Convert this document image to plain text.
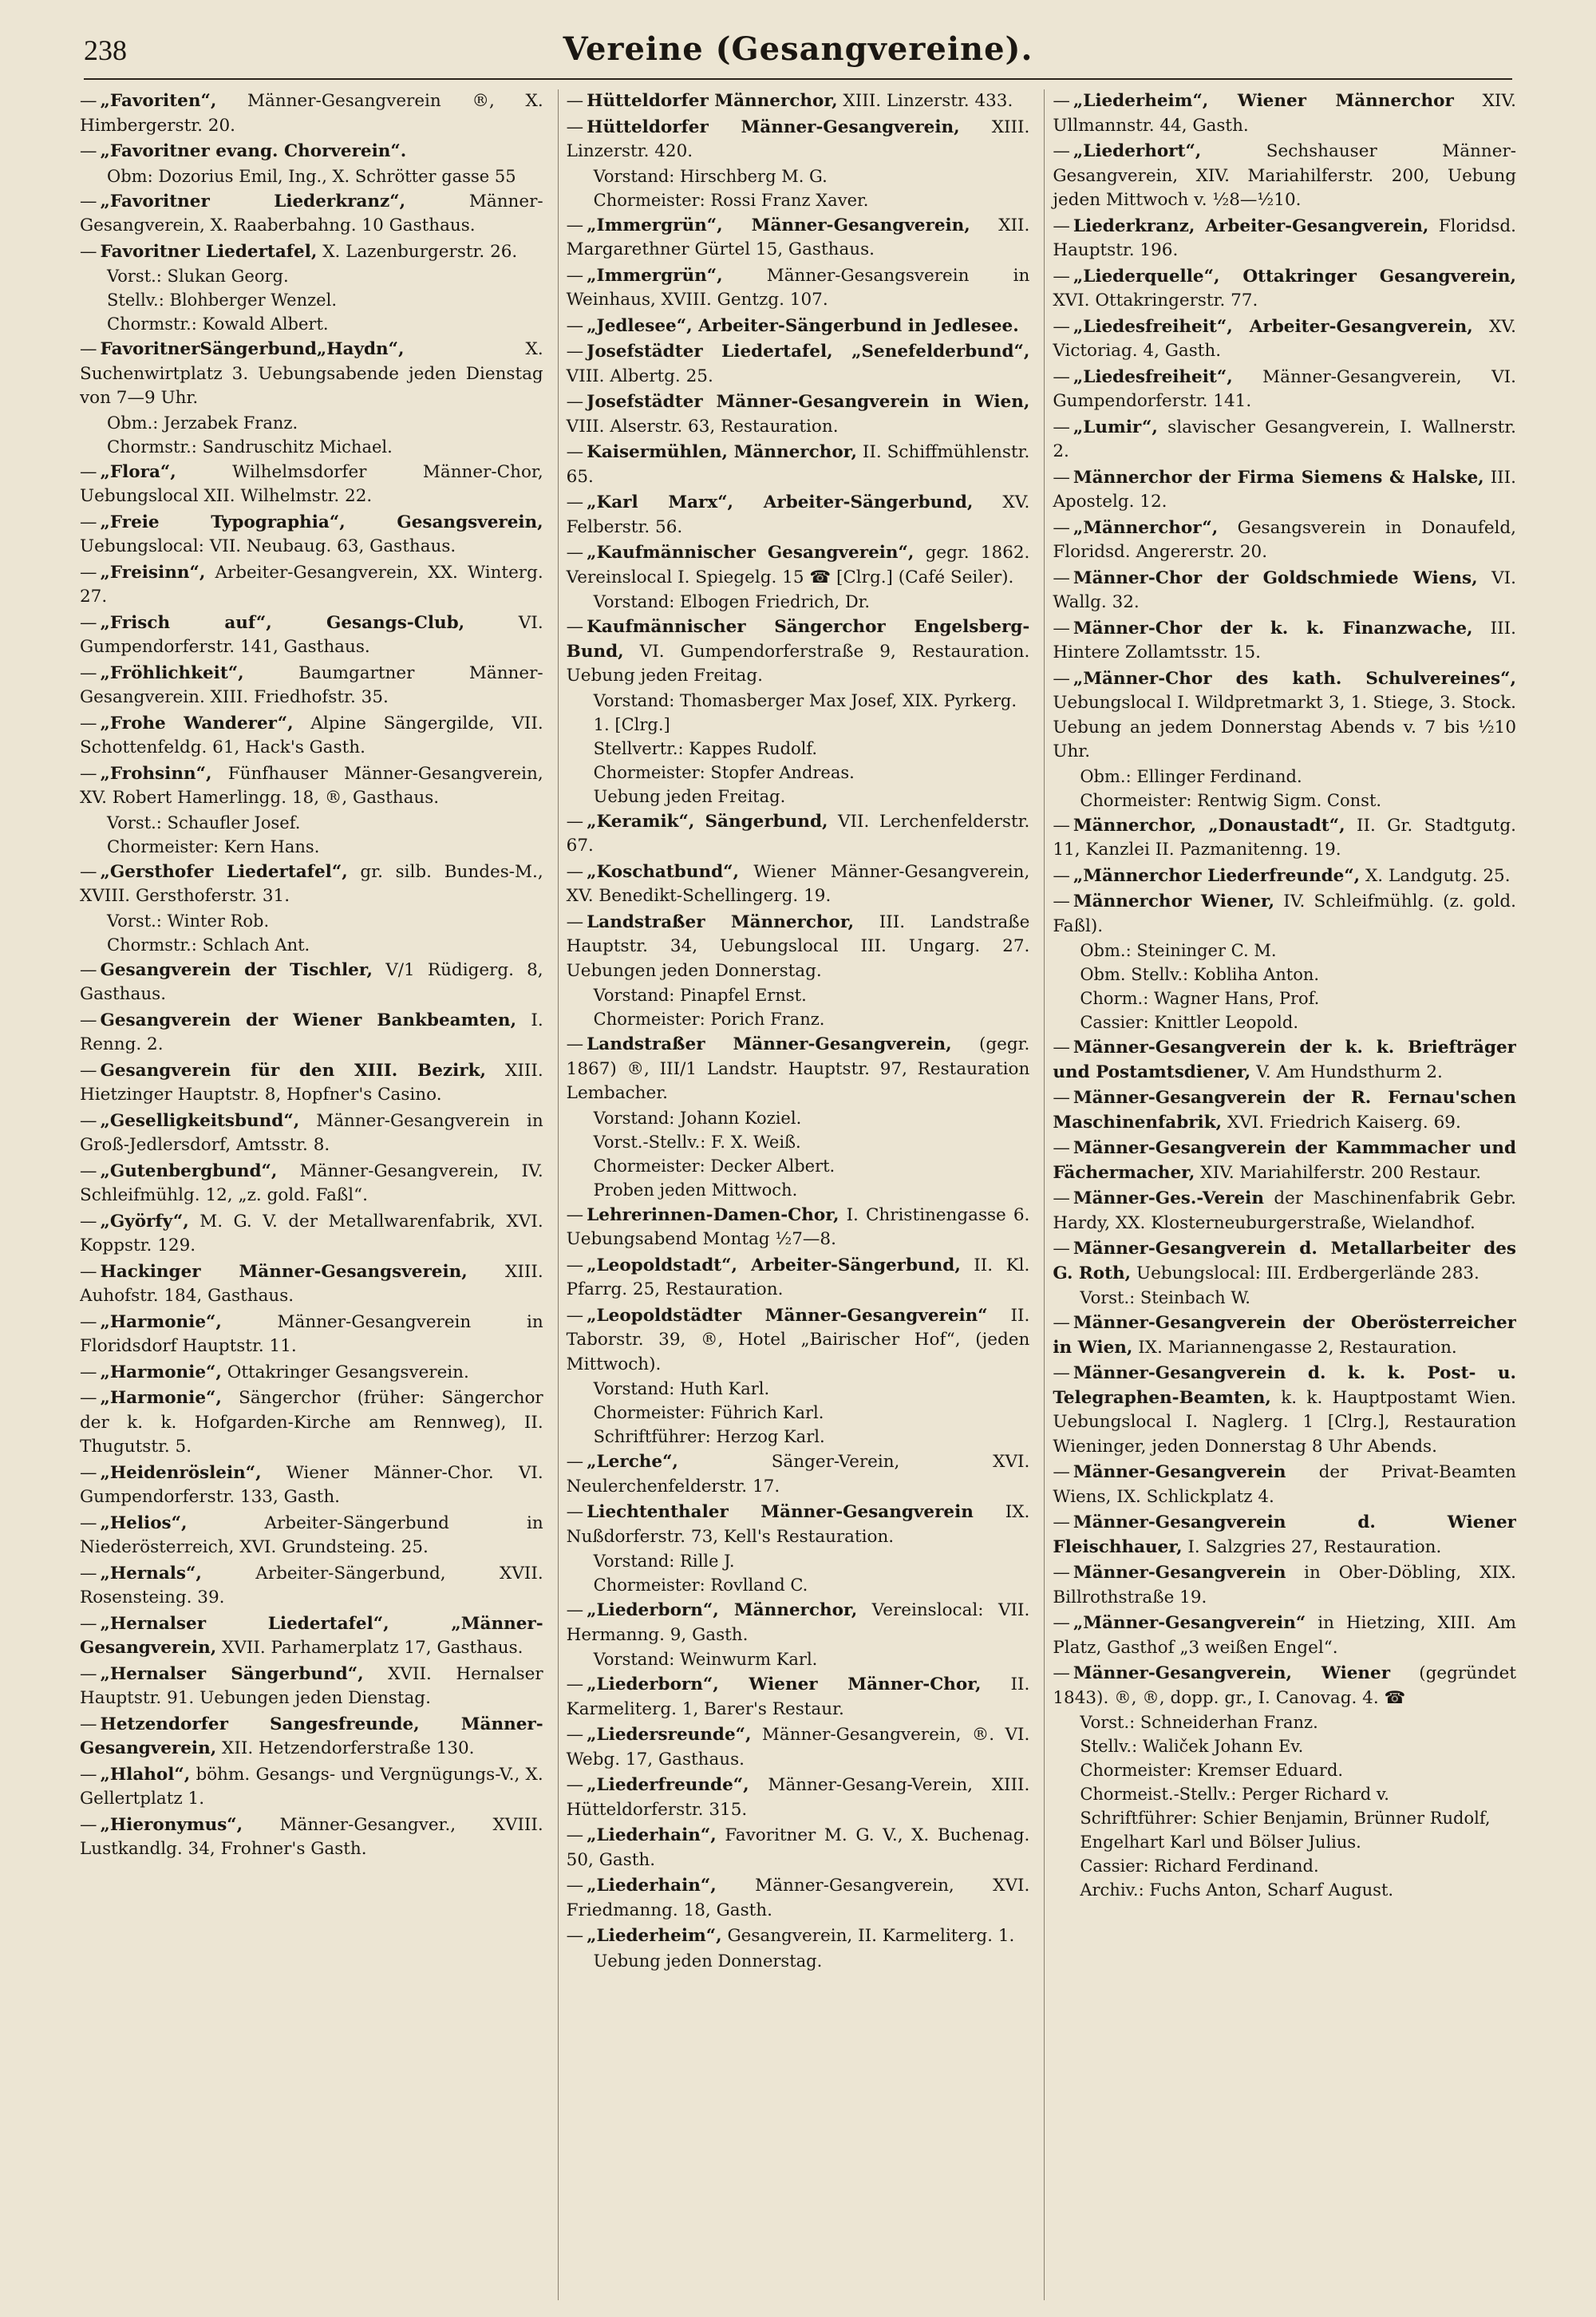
238	Vereine (Gesangvereine).
— „Favoriten“, Männer-Gesangverein ®, X. Himbergerstr. 20.
— „Favoritner evang. Chorverein“.
Obm: Dozorius Emil, Ing., X. Schrötter gasse 55
— „Favoritner Liederkranz“, Männer-Gesangverein, X. Raaberbahng. 10 Gasthaus.
— Favoritner Liedertafel, X. Lazenburgerstr. 26.
Vorst.: Slukan Georg.
Stellv.: Blohberger Wenzel.
Chormstr.: Kowald Albert.
— FavoritnerSängerbund„Haydn“, X. Suchenwirtplatz 3. Uebungsabende jeden Dienstag von 7—9 Uhr.
Obm.: Jerzabek Franz.
Chormstr.: Sandruschitz Michael.
— „Flora“, Wilhelmsdorfer Männer-Chor, Uebungslocal XII. Wilhelmstr. 22.
— „Freie Typographia“, Gesangsverein, Uebungslocal: VII. Neubaug. 63, Gasthaus.
— „Freisinn“, Arbeiter-Gesangverein, XX. Winterg. 27.
— „Frisch auf“, Gesangs-Club, VI. Gumpendorferstr. 141, Gasthaus.
— „Fröhlichkeit“, Baumgartner Männer-Gesangverein. XIII. Friedhofstr. 35.
— „Frohe Wanderer“, Alpine Sängergilde, VII. Schottenfeldg. 61, Hack's Gasth.
— „Frohsinn“, Fünfhauser Männer-Gesangverein, XV. Robert Hamerlingg. 18, ®, Gasthaus.
Vorst.: Schaufler Josef.
Chormeister: Kern Hans.
— „Gersthofer Liedertafel“, gr. silb. Bundes-M., XVIII. Gersthoferstr. 31.
Vorst.: Winter Rob.
Chormstr.: Schlach Ant.
— Gesangverein der Tischler, V/1 Rüdigerg. 8, Gasthaus.
— Gesangverein der Wiener Bankbeamten, I. Renng. 2.
— Gesangverein für den XIII. Bezirk, XIII. Hietzinger Hauptstr. 8, Hopfner's Casino.
— „Geselligkeitsbund“, Männer-Gesangverein in Groß-Jedlersdorf, Amtsstr. 8.
— „Gutenbergbund“, Männer-Gesangverein, IV. Schleifmühlg. 12, „z. gold. Faßl“.
— „Györfy“, M. G. V. der Metallwarenfabrik, XVI. Koppstr. 129.
— Hackinger Männer-Gesangsverein, XIII. Auhofstr. 184, Gasthaus.
— „Harmonie“, Männer-Gesangverein in Floridsdorf Hauptstr. 11.
— „Harmonie“, Ottakringer Gesangsverein.
— „Harmonie“, Sängerchor (früher: Sängerchor der k. k. Hofgarden-Kirche am Rennweg), II. Thugutstr. 5.
— „Heidenröslein“, Wiener Männer-Chor. VI. Gumpendorferstr. 133, Gasth.
— „Helios“, Arbeiter-Sängerbund in Niederösterreich, XVI. Grundsteing. 25.
— „Hernals“, Arbeiter-Sängerbund, XVII. Rosensteing. 39.
— „Hernalser Liedertafel“, „Männer-Gesangverein, XVII. Parhamerplatz 17, Gasthaus.
— „Hernalser Sängerbund“, XVII. Hernalser Hauptstr. 91. Uebungen jeden Dienstag.
— Hetzendorfer Sangesfreunde, Männer-Gesangverein, XII. Hetzendorferstraße 130.
— „Hlahol“, böhm. Gesangs- und Vergnügungs-V., X. Gellertplatz 1.
— „Hieronymus“, Männer-Gesangver., XVIII. Lustkandlg. 34, Frohner's Gasth.
— Hütteldorfer Männerchor, XIII. Linzerstr. 433.
— Hütteldorfer Männer-Gesangverein, XIII. Linzerstr. 420.
Vorstand: Hirschberg M. G.
Chormeister: Rossi Franz Xaver.
— „Immergrün“, Männer-Gesangverein, XII. Margarethner Gürtel 15, Gasthaus.
— „Immergrün“, Männer-Gesangsverein in Weinhaus, XVIII. Gentzg. 107.
— „Jedlesee“, Arbeiter-Sängerbund in Jedlesee.
— Josefstädter Liedertafel, „Senefelderbund“, VIII. Albertg. 25.
— Josefstädter Männer-Gesangverein in Wien, VIII. Alserstr. 63, Restauration.
— Kaisermühlen, Männerchor, II. Schiffmühlenstr. 65.
— „Karl Marx“, Arbeiter-Sängerbund, XV. Felberstr. 56.
— „Kaufmännischer Gesangverein“, gegr. 1862. Vereinslocal I. Spiegelg. 15 ☎ [Clrg.] (Café Seiler).
Vorstand: Elbogen Friedrich, Dr.
— Kaufmännischer Sängerchor Engelsberg-Bund, VI. Gumpendorferstraße 9, Restauration. Uebung jeden Freitag.
Vorstand: Thomasberger Max Josef, XIX. Pyrkerg. 1. [Clrg.]
Stellvertr.: Kappes Rudolf.
Chormeister: Stopfer Andreas.
Uebung jeden Freitag.
— „Keramik“, Sängerbund, VII. Lerchenfelderstr. 67.
— „Koschatbund“, Wiener Männer-Gesangverein, XV. Benedikt-Schellingerg. 19.
— Landstraßer Männerchor, III. Landstraße Hauptstr. 34, Uebungslocal III. Ungarg. 27. Uebungen jeden Donnerstag.
Vorstand: Pinapfel Ernst.
Chormeister: Porich Franz.
— Landstraßer Männer-Gesangverein, (gegr. 1867) ®, III/1 Landstr. Hauptstr. 97, Restauration Lembacher.
Vorstand: Johann Koziel.
Vorst.-Stellv.: F. X. Weiß.
Chormeister: Decker Albert.
Proben jeden Mittwoch.
— Lehrerinnen-Damen-Chor, I. Christinengasse 6. Uebungsabend Montag ½7—8.
— „Leopoldstadt“, Arbeiter-Sängerbund, II. Kl. Pfarrg. 25, Restauration.
— „Leopoldstädter Männer-Gesangverein“ II. Taborstr. 39, ®, Hotel „Bairischer Hof“, (jeden Mittwoch).
Vorstand: Huth Karl.
Chormeister: Führich Karl.
Schriftführer: Herzog Karl.
— „Lerche“, Sänger-Verein, XVI. Neulerchenfelderstr. 17.
— Liechtenthaler Männer-Gesangverein IX. Nußdorferstr. 73, Kell's Restauration.
Vorstand: Rille J.
Chormeister: Rovlland C.
— „Liederborn“, Männerchor, Vereinslocal: VII. Hermanng. 9, Gasth.
Vorstand: Weinwurm Karl.
— „Liederborn“, Wiener Männer-Chor, II. Karmeliterg. 1, Barer's Restaur.
— „Liedersreunde“, Männer-Gesangverein, ®. VI. Webg. 17, Gasthaus.
— „Liederfreunde“, Männer-Gesang-Verein, XIII. Hütteldorferstr. 315.
— „Liederhain“, Favoritner M. G. V., X. Buchenag. 50, Gasth.
— „Liederhain“, Männer-Gesangverein, XVI. Friedmanng. 18, Gasth.
— „Liederheim“, Gesangverein, II. Karmeliterg. 1.
Uebung jeden Donnerstag.
— „Liederheim“, Wiener Männerchor XIV. Ullmannstr. 44, Gasth.
— „Liederhort“, Sechshauser Männer-Gesangverein, XIV. Mariahilferstr. 200, Uebung jeden Mittwoch v. ½8—½10.
— Liederkranz, Arbeiter-Gesangverein, Floridsd. Hauptstr. 196.
— „Liederquelle“, Ottakringer Gesangverein, XVI. Ottakringerstr. 77.
— „Liedesfreiheit“, Arbeiter-Gesangverein, XV. Victoriag. 4, Gasth.
— „Liedesfreiheit“, Männer-Gesangverein, VI. Gumpendorferstr. 141.
— „Lumir“, slavischer Gesangverein, I. Wallnerstr. 2.
— Männerchor der Firma Siemens & Halske, III. Apostelg. 12.
— „Männerchor“, Gesangsverein in Donaufeld, Floridsd. Angererstr. 20.
— Männer-Chor der Goldschmiede Wiens, VI. Wallg. 32.
— Männer-Chor der k. k. Finanzwache, III. Hintere Zollamtsstr. 15.
— „Männer-Chor des kath. Schulvereines“, Uebungslocal I. Wildpretmarkt 3, 1. Stiege, 3. Stock. Uebung an jedem Donnerstag Abends v. 7 bis ½10 Uhr.
Obm.: Ellinger Ferdinand.
Chormeister: Rentwig Sigm. Const.
— Männerchor, „Donaustadt“, II. Gr. Stadtgutg. 11, Kanzlei II. Pazmanitenng. 19.
— „Männerchor Liederfreunde“, X. Landgutg. 25.
— Männerchor Wiener, IV. Schleifmühlg. (z. gold. Faßl).
Obm.: Steininger C. M.
Obm. Stellv.: Kobliha Anton.
Chorm.: Wagner Hans, Prof.
Cassier: Knittler Leopold.
— Männer-Gesangverein der k. k. Briefträger und Postamtsdiener, V. Am Hundsthurm 2.
— Männer-Gesangverein der R. Fernau'schen Maschinenfabrik, XVI. Friedrich Kaiserg. 69.
— Männer-Gesangverein der Kammmacher und Fächermacher, XIV. Mariahilferstr. 200 Restaur.
— Männer-Ges.-Verein der Maschinenfabrik Gebr. Hardy, XX. Klosterneuburgerstraße, Wielandhof.
— Männer-Gesangverein d. Metallarbeiter des G. Roth, Uebungslocal: III. Erdbergerlände 283.
Vorst.: Steinbach W.
— Männer-Gesangverein der Oberösterreicher in Wien, IX. Mariannengasse 2, Restauration.
— Männer-Gesangverein d. k. k. Post- u. Telegraphen-Beamten, k. k. Hauptpostamt Wien. Uebungslocal I. Naglerg. 1 [Clrg.], Restauration Wieninger, jeden Donnerstag 8 Uhr Abends.
— Männer-Gesangverein der Privat-Beamten Wiens, IX. Schlickplatz 4.
— Männer-Gesangverein d. Wiener Fleischhauer, I. Salzgries 27, Restauration.
— Männer-Gesangverein in Ober-Döbling, XIX. Billrothstraße 19.
— „Männer-Gesangverein“ in Hietzing, XIII. Am Platz, Gasthof „3 weißen Engel“.
— Männer-Gesangverein, Wiener (gegründet 1843). ®, ®, dopp. gr., I. Canovag. 4. ☎
Vorst.: Schneiderhan Franz.
Stellv.: Waliček Johann Ev.
Chormeister: Kremser Eduard.
Chormeist.-Stellv.: Perger Richard v.
Schriftführer: Schier Benjamin, Brünner Rudolf, Engelhart Karl und Bölser Julius.
Cassier: Richard Ferdinand.
Archiv.: Fuchs Anton, Scharf August.
